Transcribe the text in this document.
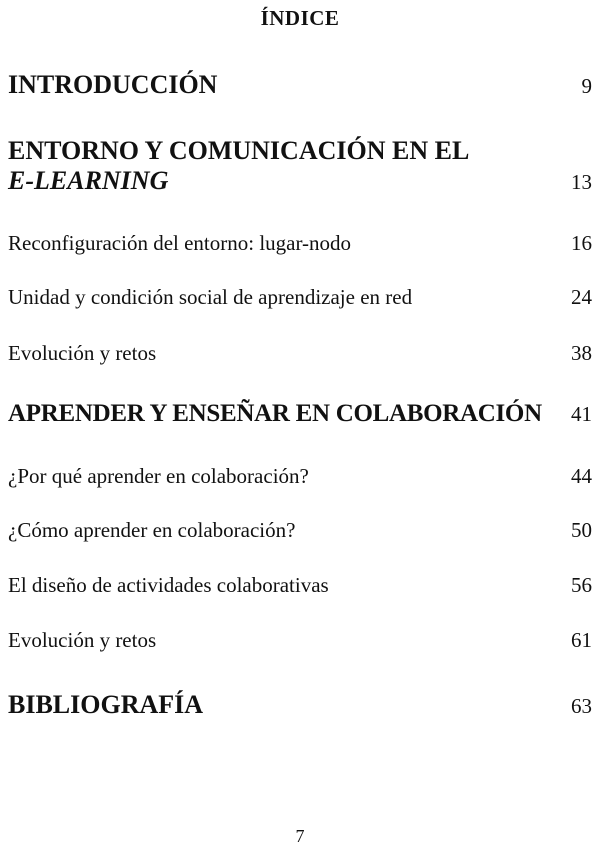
ÍNDICE
INTRODUCCIÓN	9
ENTORNO Y COMUNICACIÓN EN EL
E-LEARNING	13
Reconfiguración del entorno: lugar-nodo	16
Unidad y condición social de aprendizaje en red	24
Evolución y retos	38
APRENDER Y ENSEÑAR EN COLABORACIÓN 41
¿Por qué aprender en colaboración?	44
¿Cómo aprender en colaboración?	50
El diseño de actividades colaborativas	56
Evolución y retos	61
BIBLIOGRAFÍA	63
7
